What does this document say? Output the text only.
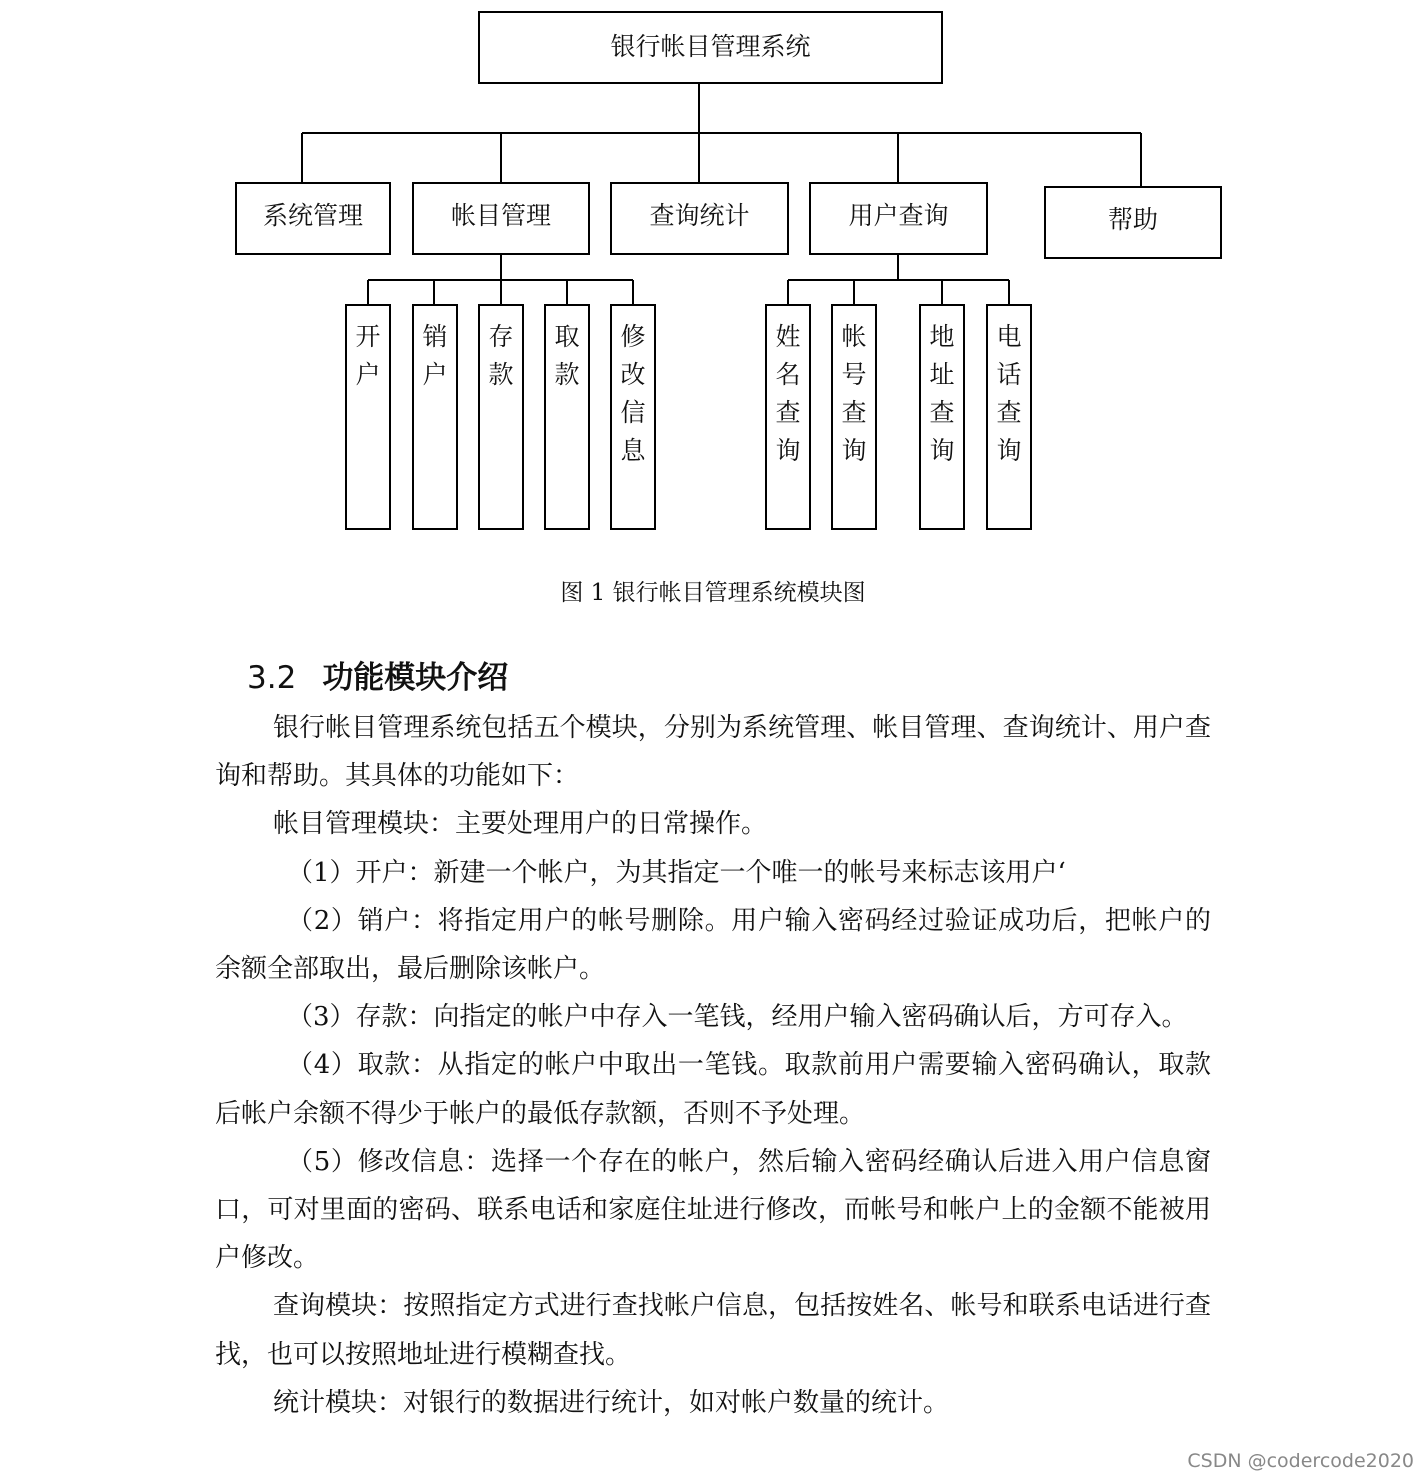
银行帐目管理系统
系统管理	帐目管理	查询统计	用户查询	帮助
开
户
销
户
存
款
取
款
修
改
信
息
姓
名
查
询
帐
号
查
询
地
址
查
询
电
话
查
询
图 1 银行帐目管理系统模块图
3.2 功能模块介绍

银行帐目管理系统包括五个模块，分别为系统管理、帐目管理、查询统计、用户查询和帮助。其具体的功能如下：

帐目管理模块：主要处理用户的日常操作。

（1）开户：新建一个帐户，为其指定一个唯一的帐号来标志该用户‘

（2）销户：将指定用户的帐号删除。用户输入密码经过验证成功后，把帐户的余额全部取出，最后删除该帐户。

（3）存款：向指定的帐户中存入一笔钱，经用户输入密码确认后，方可存入。

（4）取款：从指定的帐户中取出一笔钱。取款前用户需要输入密码确认，取款后帐户余额不得少于帐户的最低存款额，否则不予处理。

（5）修改信息：选择一个存在的帐户，然后输入密码经确认后进入用户信息窗口，可对里面的密码、联系电话和家庭住址进行修改，而帐号和帐户上的金额不能被用户修改。

查询模块：按照指定方式进行查找帐户信息，包括按姓名、帐号和联系电话进行查找，也可以按照地址进行模糊查找。

统计模块：对银行的数据进行统计，如对帐户数量的统计。

CSDN @codercode2020
